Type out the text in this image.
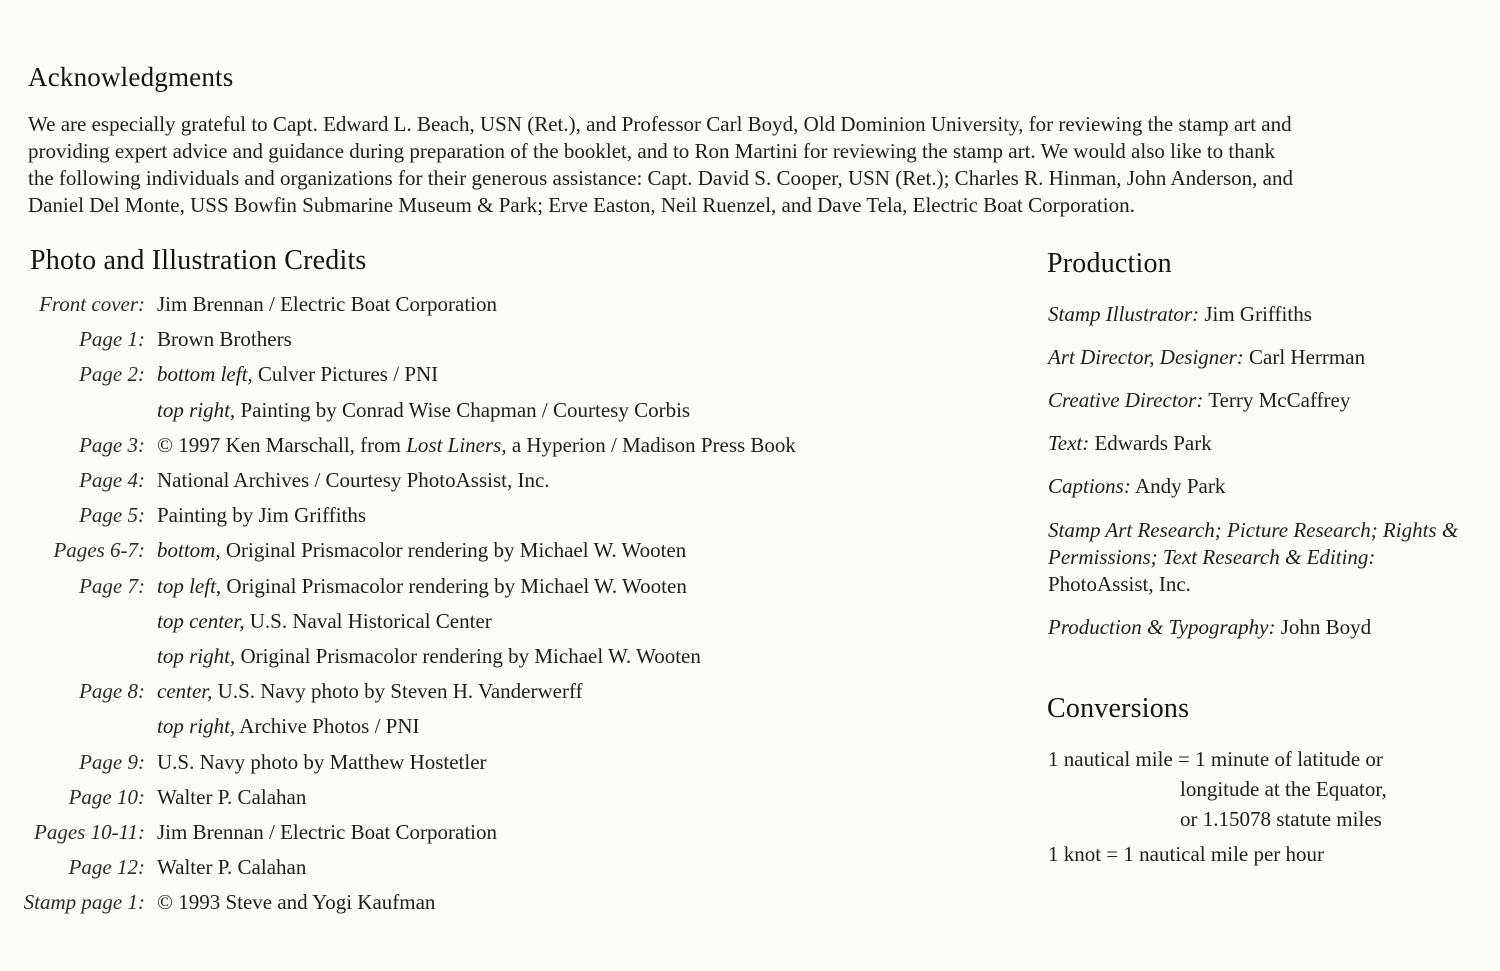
Acknowledgments

We are especially grateful to Capt. Edward L. Beach, USN (Ret.), and Professor Carl Boyd, Old Dominion University, for reviewing the stamp art and
providing expert advice and guidance during preparation of the booklet, and to Ron Martini for reviewing the stamp art. We would also like to thank
the following individuals and organizations for their generous assistance: Capt. David S. Cooper, USN (Ret.); Charles R. Hinman, John Anderson, and
Daniel Del Monte, USS Bowfin Submarine Museum & Park; Erve Easton, Neil Ruenzel, and Dave Tela, Electric Boat Corporation.

Photo and Illustration Credits
Front cover: Jim Brennan / Electric Boat Corporation
Page 1: Brown Brothers
Page 2: bottom left, Culver Pictures / PNI
top right, Painting by Conrad Wise Chapman / Courtesy Corbis
Page 3: © 1997 Ken Marschall, from Lost Liners, a Hyperion / Madison Press Book
Page 4: National Archives / Courtesy PhotoAssist, Inc.
Page 5: Painting by Jim Griffiths
Pages 6-7: bottom, Original Prismacolor rendering by Michael W. Wooten
Page 7: top left, Original Prismacolor rendering by Michael W. Wooten
top center, U.S. Naval Historical Center
top right, Original Prismacolor rendering by Michael W. Wooten
Page 8: center, U.S. Navy photo by Steven H. Vanderwerff
top right, Archive Photos / PNI
Page 9: U.S. Navy photo by Matthew Hostetler
Page 10: Walter P. Calahan
Pages 10-11: Jim Brennan / Electric Boat Corporation
Page 12: Walter P. Calahan
Stamp page 1: © 1993 Steve and Yogi Kaufman
Production
Stamp Illustrator: Jim Griffiths
Art Director, Designer: Carl Herrman
Creative Director: Terry McCaffrey
Text: Edwards Park
Captions: Andy Park
Stamp Art Research; Picture Research; Rights & Permissions; Text Research & Editing:
PhotoAssist, Inc.
Production & Typography: John Boyd
Conversions
1 nautical mile = 1 minute of latitude or
longitude at the Equator,
or 1.15078 statute miles
1 knot = 1 nautical mile per hour
